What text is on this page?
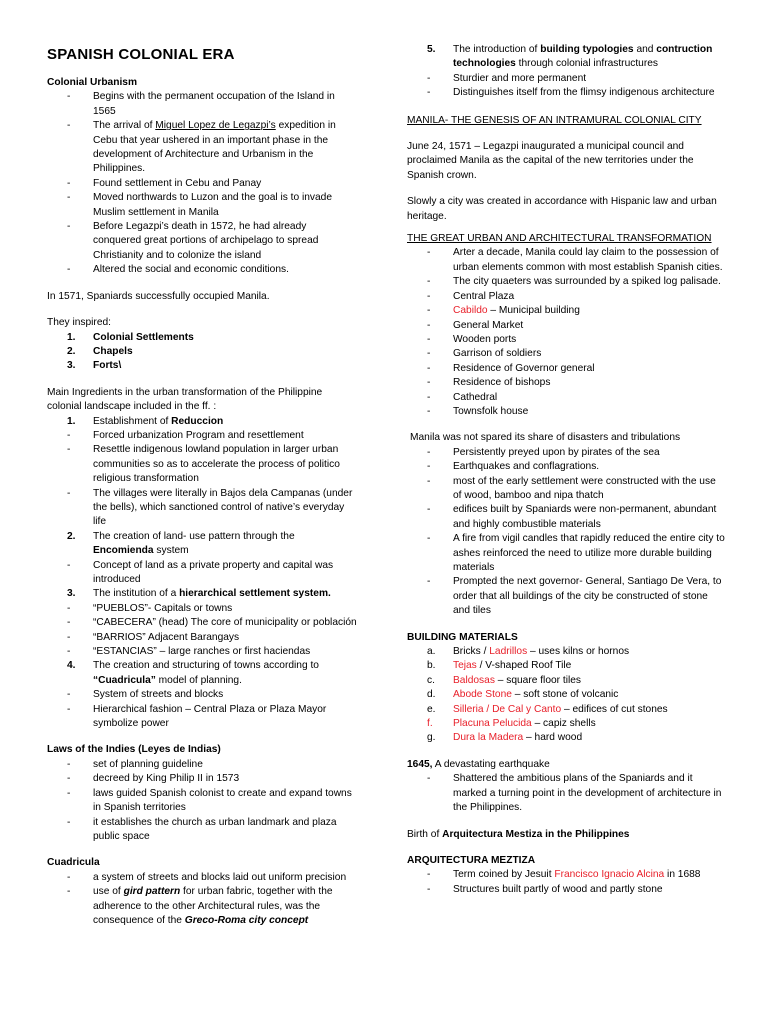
SPANISH COLONIAL ERA

Colonial Urbanism

-	Begins with the permanent occupation of the Island in 1565
-	The arrival of Miguel Lopez de Legazpi’s expedition in Cebu that year ushered in an important phase in the development of Architecture and Urbanism in the Philippines.
-	Found settlement in Cebu and Panay
-	Moved northwards to Luzon and the goal is to invade Muslim settlement in Manila
-	Before Legazpi’s death in 1572, he had already conquered great portions of archipelago to spread Christianity and to colonize the island
-	Altered the social and economic conditions.

In 1571, Spaniards successfully occupied Manila.

They inspired:

1.	Colonial Settlements
2.	Chapels
3.	Forts\

Main Ingredients in the urban transformation of the Philippine colonial landscape included in the ff. :

1.	Establishment of Reduccion
-	Forced urbanization Program and resettlement
-	Resettle indigenous lowland population in larger urban communities so as to accelerate the process of politico religious transformation
-	The villages were literally in Bajos dela Campanas (under the bells), which sanctioned control of native’s everyday life
2.	The creation of land- use pattern through the Encomienda system
-	Concept of land as a private property and capital was introduced
3.	The institution of a hierarchical settlement system.
-	“PUEBLOS”- Capitals or towns
-	“CABECERA” (head) The core of municipality or población
-	“BARRIOS” Adjacent Barangays
-	“ESTANCIAS” – large ranches or first haciendas
4.	The creation and structuring of towns according to “Cuadricula” model of planning.
-	System of streets and blocks
-	Hierarchical fashion – Central Plaza or Plaza Mayor symbolize power

Laws of the Indies (Leyes de Indias)

-	set of planning guideline
-	decreed by King Philip II in 1573
-	laws guided Spanish colonist to create and expand towns in Spanish territories
-	it establishes the church as urban landmark and plaza public space

Cuadricula

-	a system of streets and blocks laid out uniform precision
-	use of gird pattern for urban fabric, together with the adherence to the other Architectural rules, was the consequence of the Greco-Roma city concept
5.	The introduction of building typologies and contruction technologies through colonial infrastructures
-	Sturdier and more permanent
-	Distinguishes itself from the flimsy indigenous architecture

MANILA- THE GENESIS OF AN INTRAMURAL COLONIAL CITY

June 24, 1571 – Legazpi inaugurated a municipal council and proclaimed Manila as the capital of the new territories under the Spanish crown.

Slowly a city was created in accordance with Hispanic law and urban heritage.

THE GREAT URBAN AND ARCHITECTURAL TRANSFORMATION

-	Arter a decade, Manila could lay claim to the possession of urban elements common with most establish Spanish cities.
-	The city quaeters was surrounded by a spiked log palisade.
-	Central Plaza
-	Cabildo – Municipal building
-	General Market
-	Wooden ports
-	Garrison of soldiers
-	Residence of Governor general
-	Residence of bishops
-	Cathedral
-	Townsfolk house

Manila was not spared its share of disasters and tribulations

-	Persistently preyed upon by pirates of the sea
-	Earthquakes and conflagrations.
-	most of the early settlement were constructed with the use of wood, bamboo and nipa thatch
-	edifices built by Spaniards were non-permanent, abundant and highly combustible materials
-	A fire from vigil candles that rapidly reduced the entire city to ashes reinforced the need to utilize more durable building materials
-	Prompted the next governor- General, Santiago De Vera, to order that all buildings of the city be constructed of stone and tiles

BUILDING MATERIALS

a.	Bricks / Ladrillos – uses kilns or hornos
b.	Tejas / V-shaped Roof Tile
c.	Baldosas – square floor tiles
d.	Abode Stone – soft stone of volcanic
e.	Silleria / De Cal y Canto – edifices of cut stones
f.	Placuna Pelucida – capiz shells
g.	Dura la Madera – hard wood

1645, A devastating earthquake

-	Shattered the ambitious plans of the Spaniards and it marked a turning point in the development of architecture in the Philippines.

Birth of Arquitectura Mestiza in the Philippines

ARQUITECTURA MEZTIZA

-	Term coined by Jesuit Francisco Ignacio Alcina in 1688
-	Structures built partly of wood and partly stone
